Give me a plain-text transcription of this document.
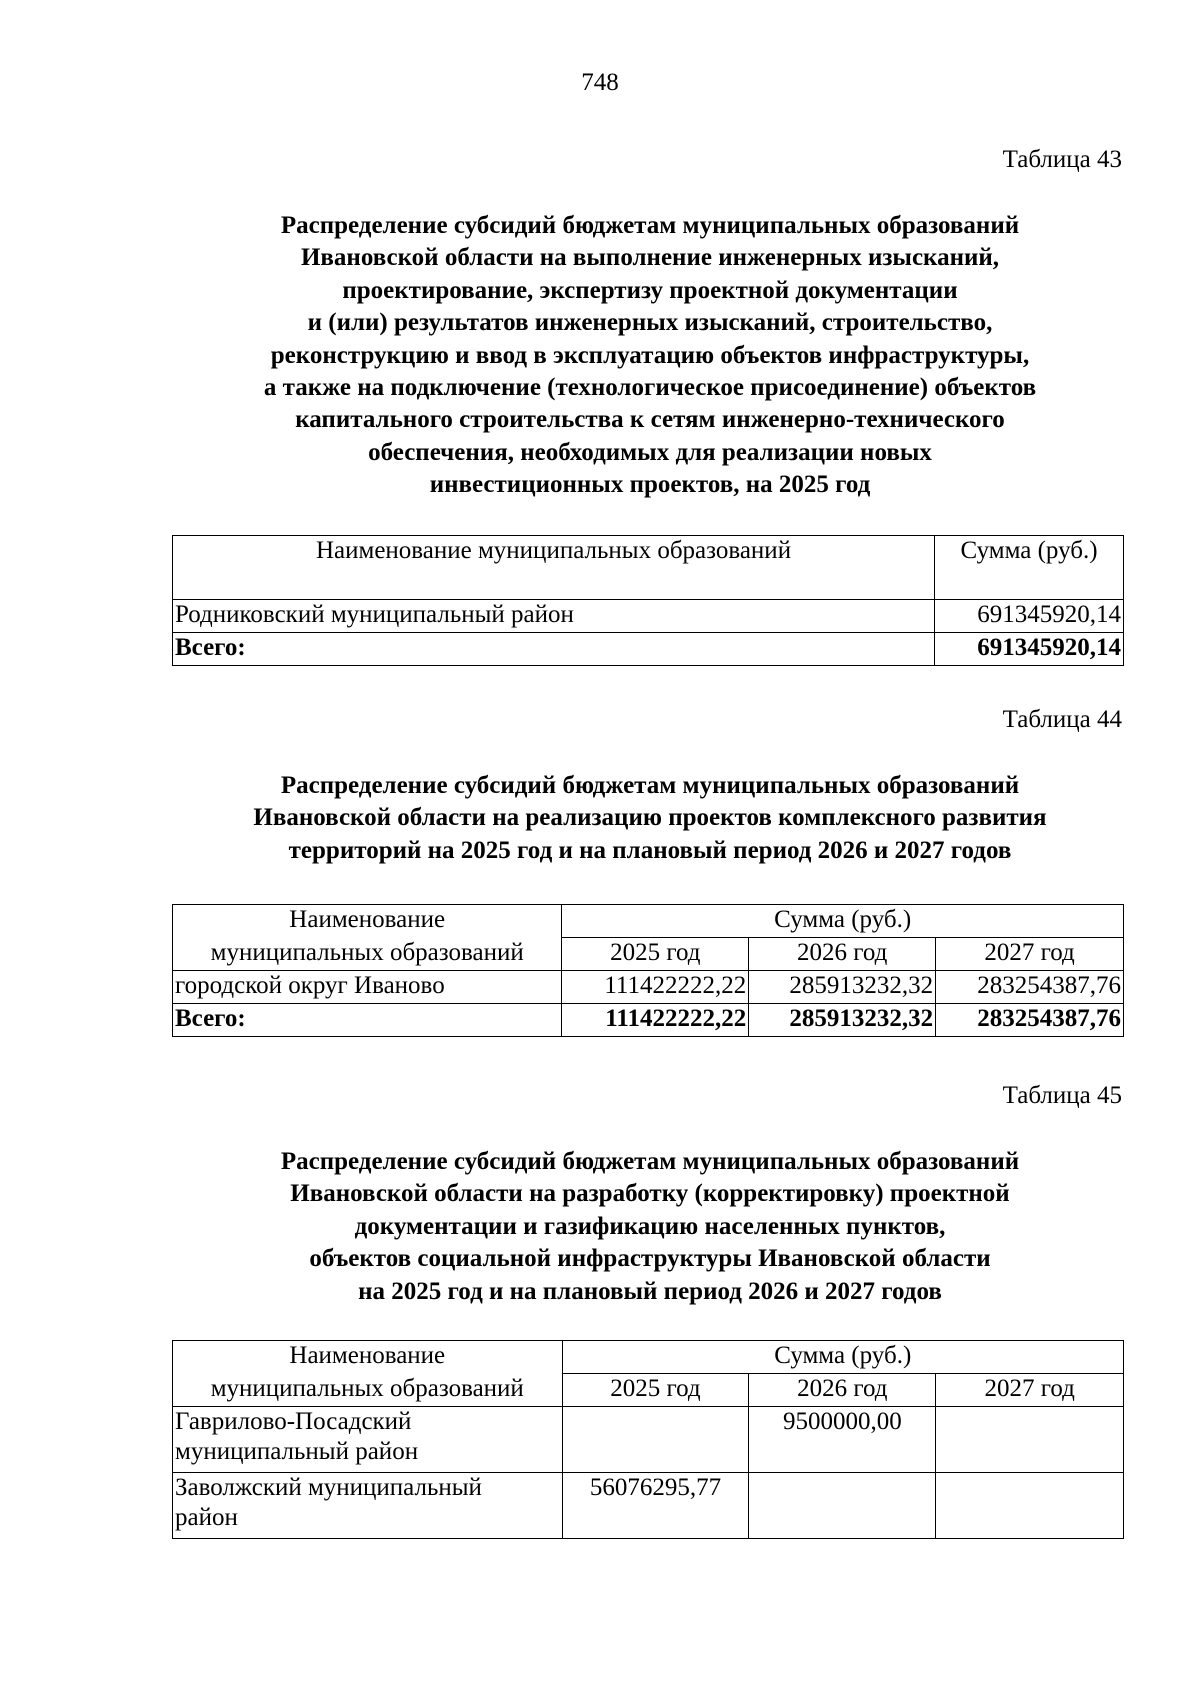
748
Таблица 43
Распределение субсидий бюджетам муниципальных образований
Ивановской области на выполнение инженерных изысканий,
проектирование, экспертизу проектной документации
и (или) результатов инженерных изысканий, строительство,
реконструкцию и ввод в эксплуатацию объектов инфраструктуры,
а также на подключение (технологическое присоединение) объектов
капитального строительства к сетям инженерно-технического
обеспечения, необходимых для реализации новых
инвестиционных проектов, на 2025 год
Наименование муниципальных образований	Сумма (руб.)
Родниковский муниципальный район	691345920,14
Всего:	691345920,14
Таблица 44
Распределение субсидий бюджетам муниципальных образований
Ивановской области на реализацию проектов комплексного развития
территорий на 2025 год и на плановый период 2026 и 2027 годов
Наименование	Сумма (руб.)		
муниципальных образований	2025 год	2026 год	2027 год
городской округ Иваново	111422222,22	285913232,32	283254387,76
Всего:	111422222,22	285913232,32	283254387,76
Таблица 45
Распределение субсидий бюджетам муниципальных образований
Ивановской области на разработку (корректировку) проектной
документации и газификацию населенных пунктов,
объектов социальной инфраструктуры Ивановской области
на 2025 год и на плановый период 2026 и 2027 годов
Наименование	Сумма (руб.)		
муниципальных образований	2025 год	2026 год	2027 год

Гаврилово-Посадский
муниципальный район		9500000,00	

Заволжский муниципальный
район	56076295,77		
